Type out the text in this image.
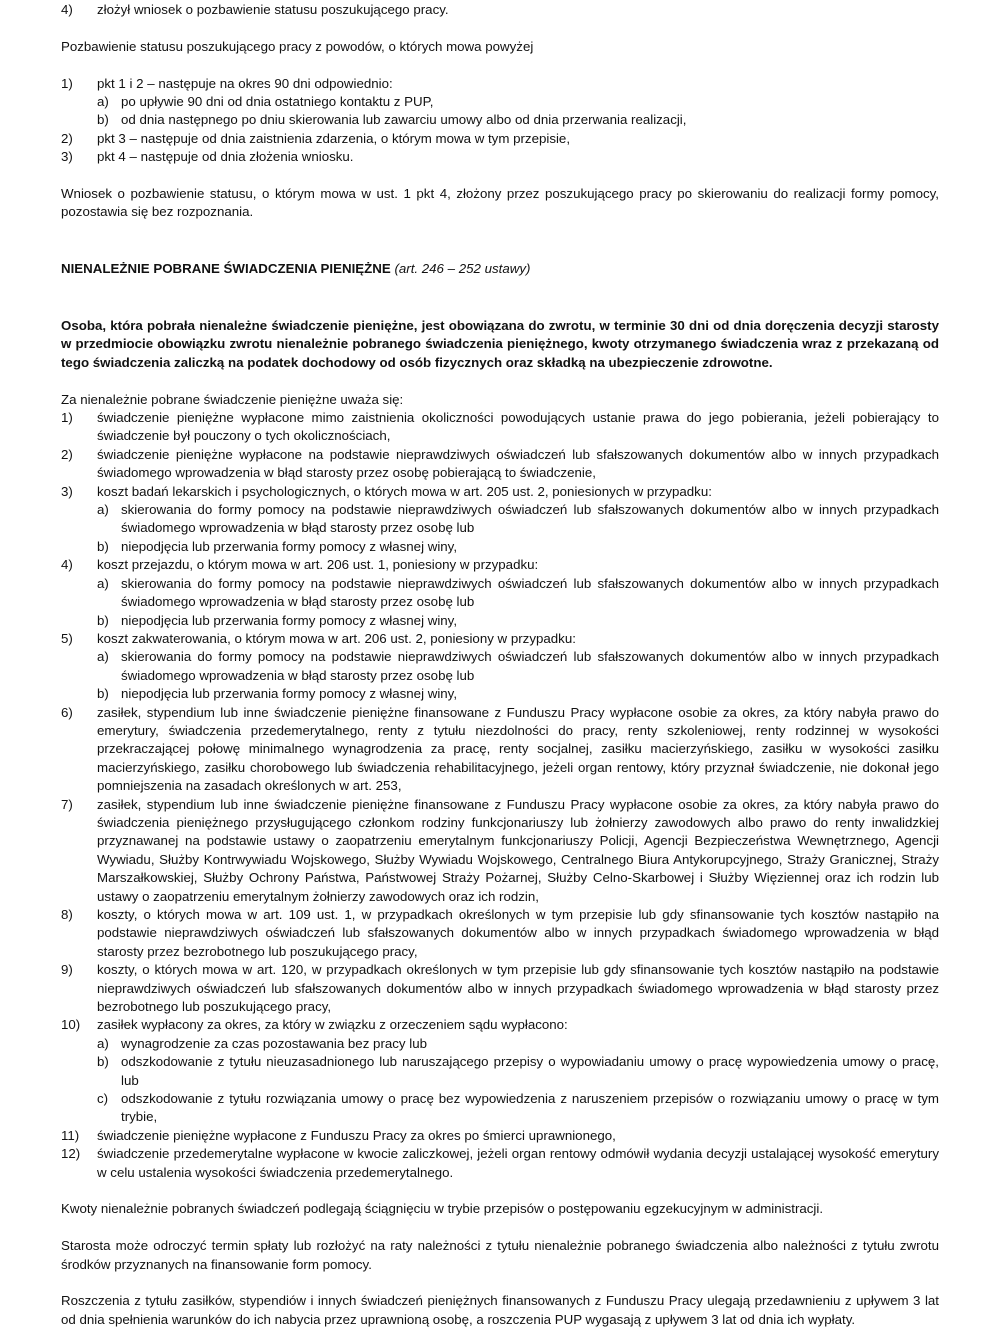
4)	złożył wniosek o pozbawienie statusu poszukującego pracy.
Pozbawienie statusu poszukującego pracy z powodów, o których mowa powyżej
1)	pkt 1 i 2 – następuje na okres 90 dni odpowiednio:
a) po upływie 90 dni od dnia ostatniego kontaktu z PUP,
b) od dnia następnego po dniu skierowania lub zawarciu umowy albo od dnia przerwania realizacji,
2)	pkt 3 – następuje od dnia zaistnienia zdarzenia, o którym mowa w tym przepisie,
3)	pkt 4 – następuje od dnia złożenia wniosku.
Wniosek o pozbawienie statusu, o którym mowa w ust. 1 pkt 4, złożony przez poszukującego pracy po skierowaniu do realizacji formy pomocy, pozostawia się bez rozpoznania.
NIENALEŻNIE POBRANE ŚWIADCZENIA PIENIĘŻNE (art. 246 – 252 ustawy)
Osoba, która pobrała nienależne świadczenie pieniężne, jest obowiązana do zwrotu, w terminie 30 dni od dnia doręczenia decyzji starosty w przedmiocie obowiązku zwrotu nienależnie pobranego świadczenia pieniężnego, kwoty otrzymanego świadczenia wraz z przekazaną od tego świadczenia zaliczką na podatek dochodowy od osób fizycznych oraz składką na ubezpieczenie zdrowotne.
Za nienależnie pobrane świadczenie pieniężne uważa się:
1)	świadczenie pieniężne wypłacone mimo zaistnienia okoliczności powodujących ustanie prawa do jego pobierania, jeżeli pobierający to świadczenie był pouczony o tych okolicznościach,
2)	świadczenie pieniężne wypłacone na podstawie nieprawdziwych oświadczeń lub sfałszowanych dokumentów albo w innych przypadkach świadomego wprowadzenia w błąd starosty przez osobę pobierającą to świadczenie,
3)	koszt badań lekarskich i psychologicznych, o których mowa w art. 205 ust. 2, poniesionych w przypadku:
a) skierowania do formy pomocy na podstawie nieprawdziwych oświadczeń lub sfałszowanych dokumentów albo w innych przypadkach świadomego wprowadzenia w błąd starosty przez osobę lub
b) niepodjęcia lub przerwania formy pomocy z własnej winy,
4)	koszt przejazdu, o którym mowa w art. 206 ust. 1, poniesiony w przypadku:
a) skierowania do formy pomocy na podstawie nieprawdziwych oświadczeń lub sfałszowanych dokumentów albo w innych przypadkach świadomego wprowadzenia w błąd starosty przez osobę lub
b) niepodjęcia lub przerwania formy pomocy z własnej winy,
5)	koszt zakwaterowania, o którym mowa w art. 206 ust. 2, poniesiony w przypadku:
a) skierowania do formy pomocy na podstawie nieprawdziwych oświadczeń lub sfałszowanych dokumentów albo w innych przypadkach świadomego wprowadzenia w błąd starosty przez osobę lub
b) niepodjęcia lub przerwania formy pomocy z własnej winy,
6)	zasiłek, stypendium lub inne świadczenie pieniężne finansowane z Funduszu Pracy wypłacone osobie za okres, za który nabyła prawo do emerytury, świadczenia przedemerytalnego, renty z tytułu niezdolności do pracy, renty szkoleniowej, renty rodzinnej w wysokości przekraczającej połowę minimalnego wynagrodzenia za pracę, renty socjalnej, zasiłku macierzyńskiego, zasiłku w wysokości zasiłku macierzyńskiego, zasiłku chorobowego lub świadczenia rehabilitacyjnego, jeżeli organ rentowy, który przyznał świadczenie, nie dokonał jego pomniejszenia na zasadach określonych w art. 253,
7)	zasiłek, stypendium lub inne świadczenie pieniężne finansowane z Funduszu Pracy wypłacone osobie za okres, za który nabyła prawo do świadczenia pieniężnego przysługującego członkom rodziny funkcjonariuszy lub żołnierzy zawodowych albo prawo do renty inwalidzkiej przyznawanej na podstawie ustawy o zaopatrzeniu emerytalnym funkcjonariuszy Policji, Agencji Bezpieczeństwa Wewnętrznego, Agencji Wywiadu, Służby Kontrwywiadu Wojskowego, Służby Wywiadu Wojskowego, Centralnego Biura Antykorupcyjnego, Straży Granicznej, Straży Marszałkowskiej, Służby Ochrony Państwa, Państwowej Straży Pożarnej, Służby Celno-Skarbowej i Służby Więziennej oraz ich rodzin lub ustawy o zaopatrzeniu emerytalnym żołnierzy zawodowych oraz ich rodzin,
8)	koszty, o których mowa w art. 109 ust. 1, w przypadkach określonych w tym przepisie lub gdy sfinansowanie tych kosztów nastąpiło na podstawie nieprawdziwych oświadczeń lub sfałszowanych dokumentów albo w innych przypadkach świadomego wprowadzenia w błąd starosty przez bezrobotnego lub poszukującego pracy,
9)	koszty, o których mowa w art. 120, w przypadkach określonych w tym przepisie lub gdy sfinansowanie tych kosztów nastąpiło na podstawie nieprawdziwych oświadczeń lub sfałszowanych dokumentów albo w innych przypadkach świadomego wprowadzenia w błąd starosty przez bezrobotnego lub poszukującego pracy,
10)	zasiłek wypłacony za okres, za który w związku z orzeczeniem sądu wypłacono:
a) wynagrodzenie za czas pozostawania bez pracy lub
b) odszkodowanie z tytułu nieuzasadnionego lub naruszającego przepisy o wypowiadaniu umowy o pracę wypowiedzenia umowy o pracę, lub
c) odszkodowanie z tytułu rozwiązania umowy o pracę bez wypowiedzenia z naruszeniem przepisów o rozwiązaniu umowy o pracę w tym trybie,
11)	świadczenie pieniężne wypłacone z Funduszu Pracy za okres po śmierci uprawnionego,
12)	świadczenie przedemerytalne wypłacone w kwocie zaliczkowej, jeżeli organ rentowy odmówił wydania decyzji ustalającej wysokość emerytury w celu ustalenia wysokości świadczenia przedemerytalnego.
Kwoty nienależnie pobranych świadczeń podlegają ściągnięciu w trybie przepisów o postępowaniu egzekucyjnym w administracji.
Starosta może odroczyć termin spłaty lub rozłożyć na raty należności z tytułu nienależnie pobranego świadczenia albo należności z tytułu zwrotu środków przyznanych na finansowanie form pomocy.
Roszczenia z tytułu zasiłków, stypendiów i innych świadczeń pieniężnych finansowanych z Funduszu Pracy ulegają przedawnieniu z upływem 3 lat od dnia spełnienia warunków do ich nabycia przez uprawnioną osobę, a roszczenia PUP wygasają z upływem 3 lat od dnia ich wypłaty.
